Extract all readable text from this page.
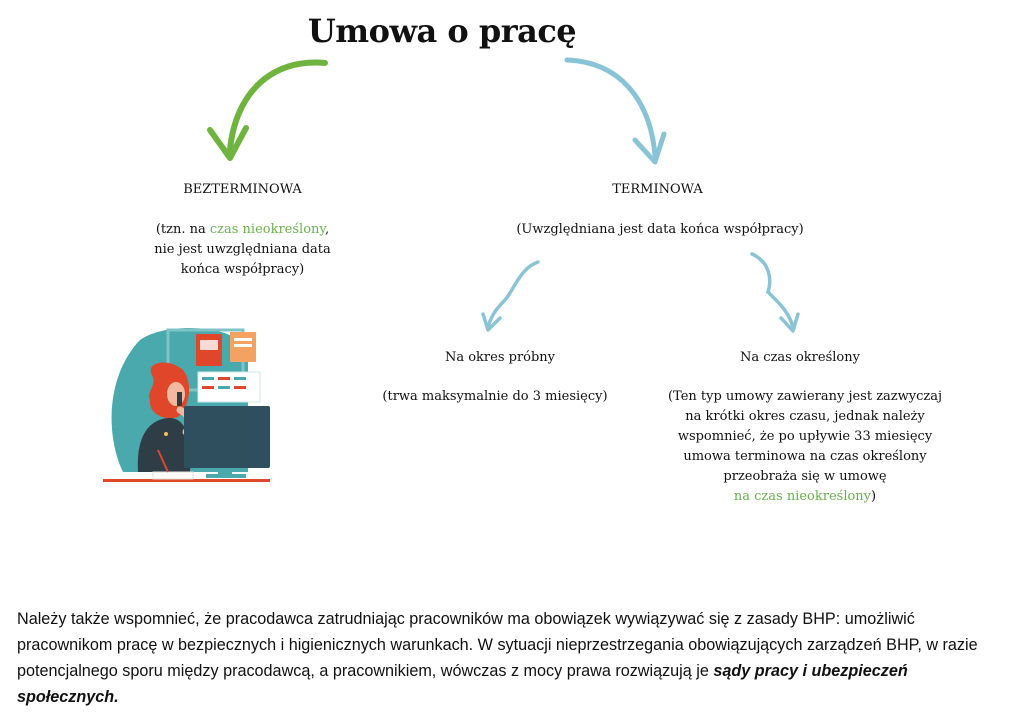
Umowa o pracę
BEZTERMINOWA
(tzn. na czas nieokreślony,
nie jest uwzględniana data
końca współpracy)
TERMINOWA
(Uwzględniana jest data końca współpracy)
Na okres próbny
(trwa maksymalnie do 3 miesięcy)
Na czas określony
(Ten typ umowy zawierany jest zazwyczaj
na krótki okres czasu, jednak należy
wspomnieć, że po upływie 33 miesięcy
umowa terminowa na czas określony
przeobraża się w umowę
na czas nieokreślony)
Należy także wspomnieć, że pracodawca zatrudniając pracowników ma obowiązek wywiązywać się z zasady BHP: umożliwić pracownikom pracę w bezpiecznych i higienicznych warunkach. W sytuacji nieprzestrzegania obowiązujących zarządzeń BHP, w razie potencjalnego sporu między pracodawcą, a pracownikiem, wówczas z mocy prawa rozwiązują je sądy pracy i ubezpieczeń społecznych.
